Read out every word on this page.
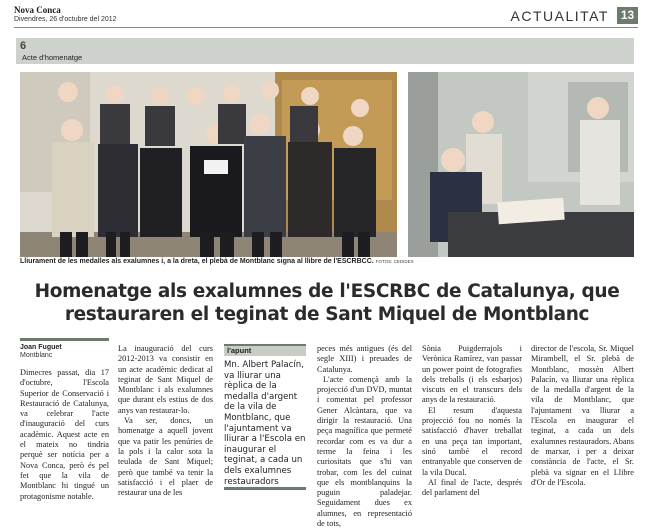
Nova Conca
Divendres, 26 d'octubre del 2012	ACTUALITAT 13
6
Acte d'homenatge
Lliurament de les medalles als exalumnes i, a la dreta, el plebà de Montblanc signa al llibre de l'ESCRBCC. FOTOS: CEDIDES
Homenatge als exalumnes de l'ESCRBC de Catalunya, que restauraren el teginat de Sant Miquel de Montblanc
Joan Fuguet
Montblanc

Dimecres passat, dia 17 d'octubre, l'Escola Superior de Conservació i Restauració de Catalunya, va celebrar l'acte d'inauguració del curs acadèmic. Aquest acte en el mateix no tindria perquè ser notícia per a Nova Conca, però és pel fet que la vila de Montblanc hi tingué un protagonisme notable.

La inauguració del curs 2012-2013 va consistir en un acte acadèmic dedicat al teginat de Sant Miquel de Montblanc i als exalumnes que durant els estius de dos anys van restaurar-lo.

Va ser, doncs, un homenatge a aquell jovent que va patir les penúries de la pols i la calor sota la teulada de Sant Miquel; però que també va tenir la satisfacció i el plaer de restaurar una de les

l'apunt
Mn. Albert Palacín, va lliurar una rèplica de la medalla d'argent de la vila de Montblanc, que l'ajuntament va lliurar a l'Escola en inaugurar el teginat, a cada un dels exalumnes restauradors

peces més antigues (és del segle XIII) i preuades de Catalunya.

L'acte començà amb la projecció d'un DVD, muntat i comentat pel professor Gener Alcàntara, que va dirigir la restauració. Una peça magnífica que permeté recordar com es va dur a terme la feina i les curiositats que s'hi van trobar, com les del cuinat que els montblanquins la puguin paladejar. Seguidament dues ex alumnes, en representació de tots,

Sònia Puigderrajols i Verònica Ramírez, van passar un power point de fotografies dels treballs (i els esbarjos) viscuts en el transcurs dels anys de la restauració.

El resum d'aquesta projecció fou no només la satisfacció d'haver treballat en una peça tan important, sinó també el record entranyable que conserven de la vila Ducal.

Al final de l'acte, després del parlament del

director de l'escola, Sr. Miquel Mirambell, el Sr. plebà de Montblanc, mossèn Albert Palacín, va lliurar una rèplica de la medalla d'argent de la vila de Montblanc, que l'ajuntament va lliurar a l'Escola en inaugurar el teginat, a cada un dels exalumnes restauradors. Abans de marxar, i per a deixar constància de l'acte, el Sr. plebà va signar en el Llibre d'Or de l'Escola.
